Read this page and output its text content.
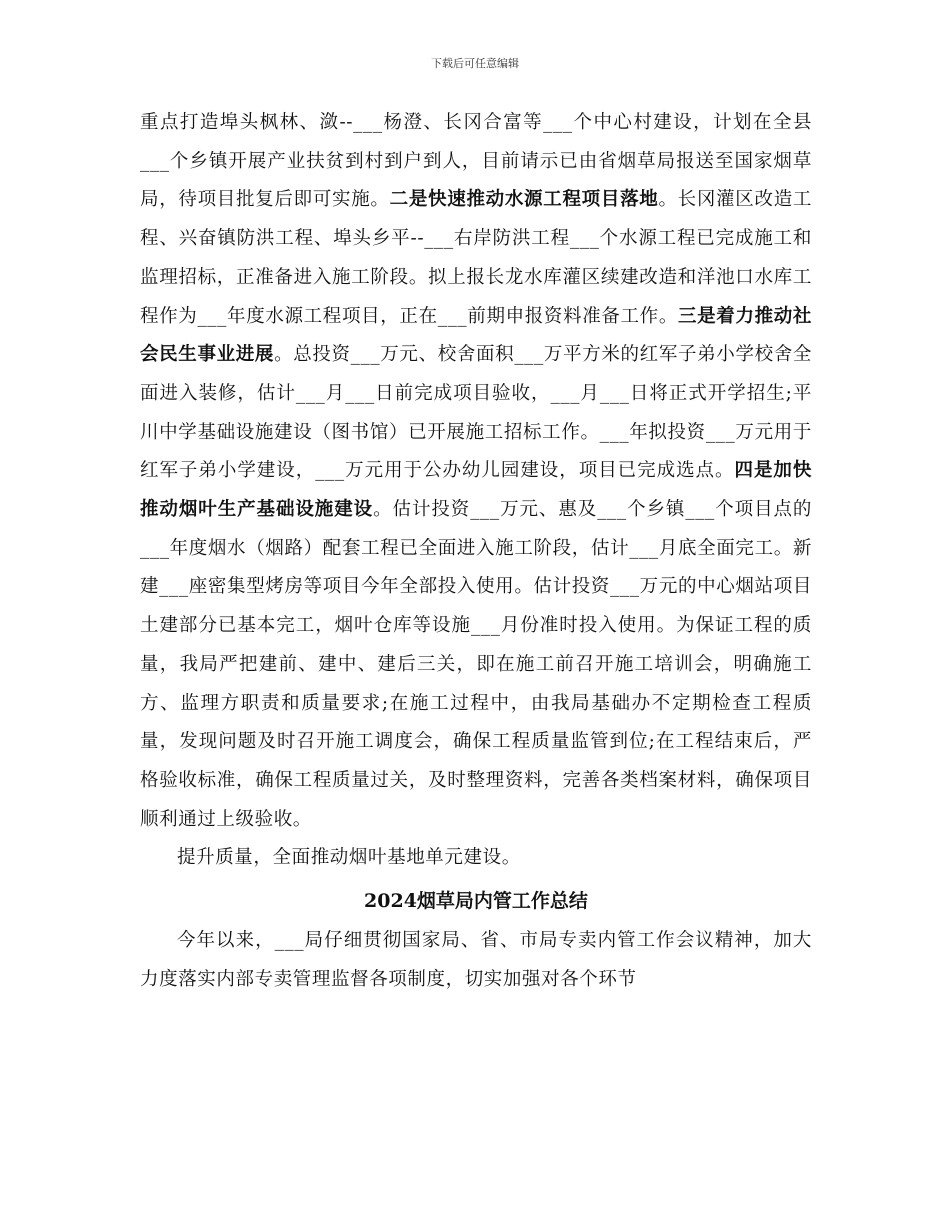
下载后可任意编辑

重点打造埠头枫林、潋--___杨澄、长冈合富等___个中心村建设，计划在全县___个乡镇开展产业扶贫到村到户到人，目前请示已由省烟草局报送至国家烟草局，待项目批复后即可实施。二是快速推动水源工程项目落地。长冈灌区改造工程、兴奋镇防洪工程、埠头乡平--___右岸防洪工程___个水源工程已完成施工和监理招标，正准备进入施工阶段。拟上报长龙水库灌区续建改造和洋池口水库工程作为___年度水源工程项目，正在___前期申报资料准备工作。三是着力推动社会民生事业进展。总投资___万元、校舍面积___万平方米的红军子弟小学校舍全面进入装修，估计___月___日前完成项目验收，___月___日将正式开学招生;平川中学基础设施建设（图书馆）已开展施工招标工作。___年拟投资___万元用于红军子弟小学建设，___万元用于公办幼儿园建设，项目已完成选点。四是加快推动烟叶生产基础设施建设。估计投资___万元、惠及___个乡镇___个项目点的___年度烟水（烟路）配套工程已全面进入施工阶段，估计___月底全面完工。新建___座密集型烤房等项目今年全部投入使用。估计投资___万元的中心烟站项目土建部分已基本完工，烟叶仓库等设施___月份准时投入使用。为保证工程的质量，我局严把建前、建中、建后三关，即在施工前召开施工培训会，明确施工方、监理方职责和质量要求;在施工过程中，由我局基础办不定期检查工程质量，发现问题及时召开施工调度会，确保工程质量监管到位;在工程结束后，严格验收标准，确保工程质量过关，及时整理资料，完善各类档案材料，确保项目顺利通过上级验收。

提升质量，全面推动烟叶基地单元建设。

2024烟草局内管工作总结

今年以来，___局仔细贯彻国家局、省、市局专卖内管工作会议精神，加大力度落实内部专卖管理监督各项制度，切实加强对各个环节
